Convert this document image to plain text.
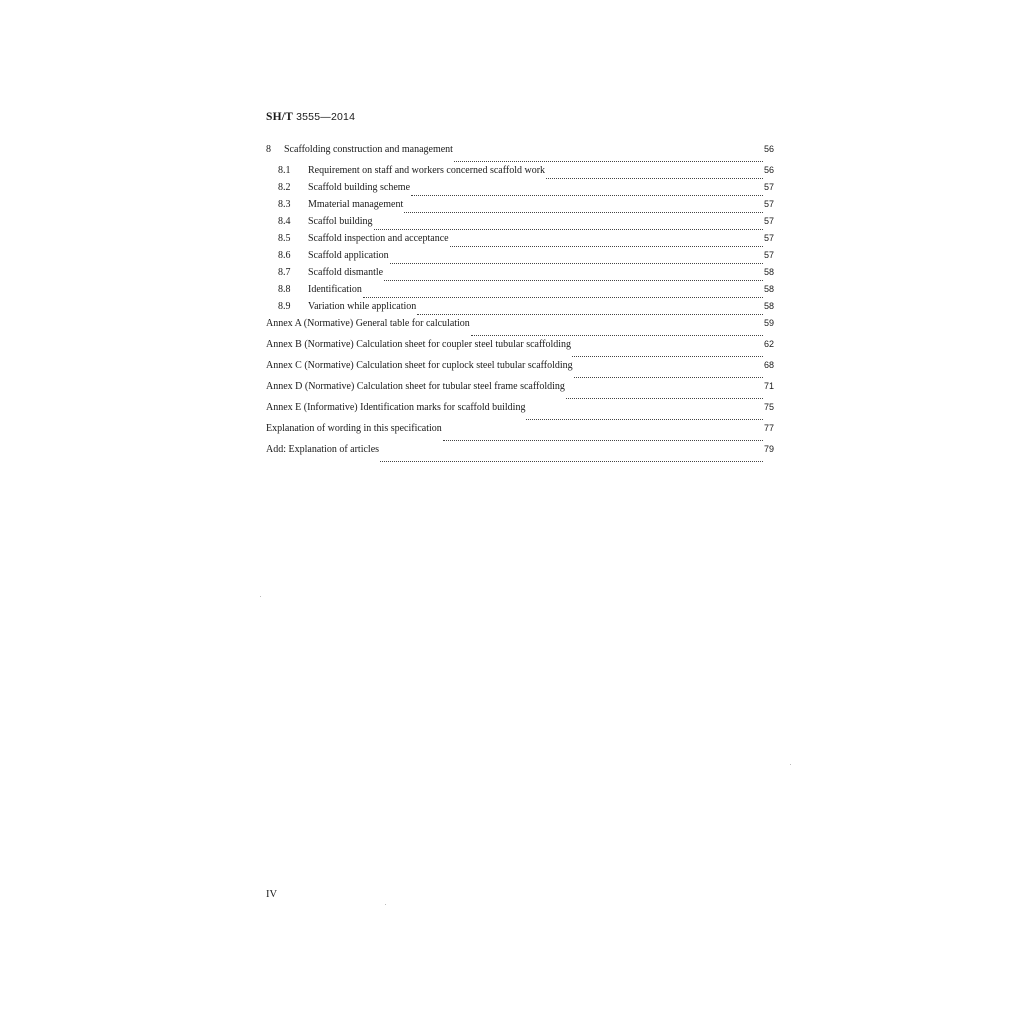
SH/T 3555—2014
8	Scaffolding construction and management	56
8.1	Requirement on staff and workers concerned scaffold work	56
8.2	Scaffold building scheme	57
8.3	Mmaterial management	57
8.4	Scaffol building	57
8.5	Scaffold inspection and acceptance	57
8.6	Scaffold application	57
8.7	Scaffold dismantle	58
8.8	Identification	58
8.9	Variation while application	58
Annex A (Normative) General table for calculation	59
Annex B (Normative) Calculation sheet for coupler steel tubular scaffolding	62
Annex C (Normative) Calculation sheet for cuplock steel tubular scaffolding	68
Annex D (Normative) Calculation sheet for tubular steel frame scaffolding	71
Annex E (Informative) Identification marks for scaffold building	75
Explanation of wording in this specification	77
Add: Explanation of articles	79
IV
